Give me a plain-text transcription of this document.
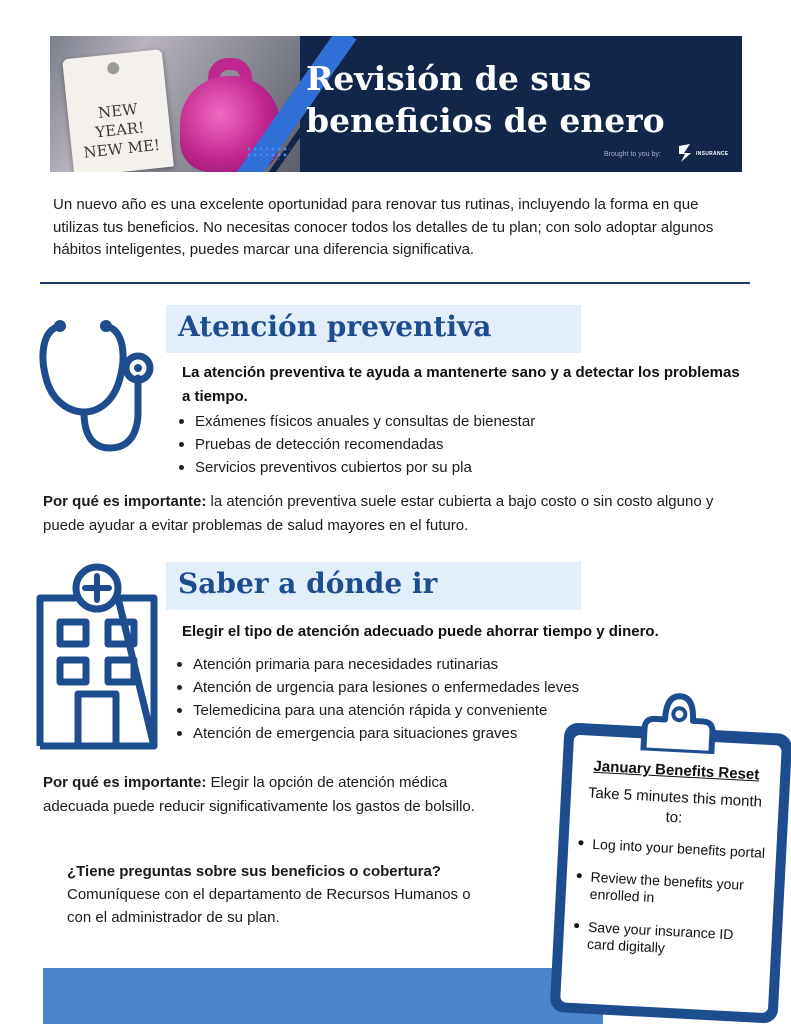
NEW YEAR! NEW ME!
Revisión de sus beneficios de enero
Brought to you by:	INSURANCE

Un nuevo año es una excelente oportunidad para renovar tus rutinas, incluyendo la forma en que utilizas tus beneficios. No necesitas conocer todos los detalles de tu plan; con solo adoptar algunos hábitos inteligentes, puedes marcar una diferencia significativa.

Atención preventiva
La atención preventiva te ayuda a mantenerte sano y a detectar los problemas a tiempo.
Exámenes físicos anuales y consultas de bienestar
Pruebas de detección recomendadas
Servicios preventivos cubiertos por su pla

Por qué es importante: la atención preventiva suele estar cubierta a bajo costo o sin costo alguno y puede ayudar a evitar problemas de salud mayores en el futuro.

Saber a dónde ir
Elegir el tipo de atención adecuado puede ahorrar tiempo y dinero.
Atención primaria para necesidades rutinarias
Atención de urgencia para lesiones o enfermedades leves
Telemedicina para una atención rápida y conveniente
Atención de emergencia para situaciones graves

Por qué es importante: Elegir la opción de atención médica adecuada puede reducir significativamente los gastos de bolsillo.

¿Tiene preguntas sobre sus beneficios o cobertura?
Comuníquese con el departamento de Recursos Humanos o con el administrador de su plan.
January Benefits Reset
Take 5 minutes this month to:
Log into your benefits portal
Review the benefits your enrolled in
Save your insurance ID card digitally
